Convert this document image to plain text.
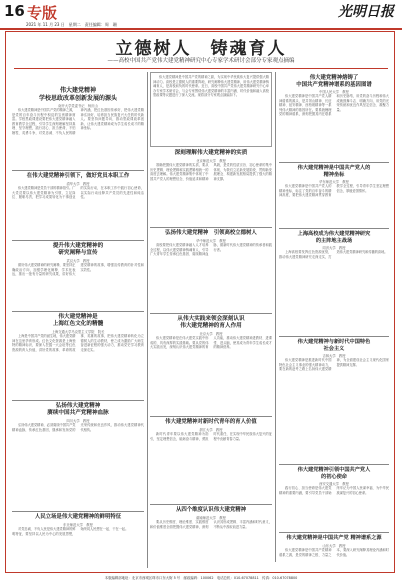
16 专版
2021 年 11 月 23 日　星期二　责任编辑：周　珊
光明日报
立德树人　铸魂育人
——高校中国共产党伟大建党精神研究中心专家学术研讨会部分专家观点摘编
伟大建党精神是中国共产党的精神之源，为实现中华民族伟大复兴提供强大精神动力。高校是立德树人的重要阵地，研究阐释伟大建党精神，用伟大建党精神铸魂育人，是高校肩负的时代使命。近日，高校中国共产党伟大建党精神研究中心举办专家学术研讨会，与会专家围绕伟大建党精神的丰富内涵、时代价值和融入高校思政课等议题进行了深入交流。现将部分专家观点摘编如下。
伟大建党精神
学校思政改革创新发展的源头
南开大学党委书记　杨庆山
伟大建党精神是中国共产党的精神之源，是党的百年奋斗历程中积淀的宝贵精神财富。学校思政课建设要把伟大建党精神融入教育教学全过程，引导学生深刻理解坚持真理、坚守理想，践行初心、担当使命，不怕牺牲、英勇斗争，对党忠诚、不负人民的精神内涵，把红色基因传承好，把伟大建党精神弘扬好，培养担当民族复兴大任的时代新人。要坚持问题导向，推动思政课改革创新，让伟大建党精神成为学生成长成才的精神坐标。
在伟大建党精神引领下，做好党员本职工作
清华大学　教授
伟大建党精神是党员干部的精神指引。广大党员要以伟大建党精神为引领，立足岗位、履职尽责，把学习成果转化为干事创业的实际行动，在本职工作中践行初心使命，以实际行动诠释共产党员的先进性和纯洁性。
提升伟大建党精神的
研究阐释与宣传
武汉大学　教授
做好伟大建党精神的研究阐释，要坚持正确政治方向，加强学理化阐释、学术化表达，推出一批有分量的研究成果，讲好伟大建党精神的故事，增强宣传教育的针对性和实效性。
伟大建党精神是
上海红色文化的精髓
上海交通大学马克思主义学院　院长
上海是中国共产党的诞生地，伟大建党精神在这里孕育形成。红色文化资源是上海独特的精神标识，要深入挖掘一大会址等红色资源的育人价值，讲好党的故事、革命的故事、英雄的故事，把伟大建党精神转化为立德树人的生动教材，使之成为激励广大师生奋进新征程的强大动力，推动党史学习教育走深走实。
弘扬伟大建党精神
赓续中国共产党精神血脉
四川大学　教授
弘扬伟大建党精神，必须赓续中国共产党精神血脉，传承红色基因，继承和发扬党的光荣传统和优良作风，推动伟大建党精神代代相传。
人民立场是伟大建党精神的鲜明特征
东北师范大学　教授
对党忠诚、不负人民是伟大建党精神的鲜明特征，要坚持以人民为中心的发展思想，始终同人民想在一起、干在一起。
深刻理解伟大建党精神的实质
北京师范大学　教授
准确把握伟大建党精神的实质，要从历史逻辑、理论逻辑和实践逻辑相统一的高度去理解。伟大建党精神集中体现了中国共产党人的理想信念、价值追求和精神风貌，是党的性质宗旨、初心使命的集中体现，为我们立足新发展阶段、贯彻新发展理念、构建新发展格局提供了强大的精神支撑。
弘扬伟大建党精神　引领高校立德树人
华中师范大学　教授
高校要把伟大建党精神融入人才培养全过程，以伟大建党精神铸魂育人，引导广大青年学生传承红色基因、赓续精神血脉，做新时代伟大建党精神的传承者和践行者。
从伟大实践来领会深刻认识
伟大建党精神的育人作用
北京大学　教授
伟大建党精神是在伟大建党实践中形成的，具有深厚的实践基础。要从党的伟大实践出发，深刻认识伟大建党精神的育人功能，推动伟大建党精神进教材、进课堂、进头脑，使其成为青年学生成长成才的精神营养。
伟大建党精神对新时代青年的育人价值
浙江大学　教授
新时代青年要以伟大建党精神为指引，坚定理想信念，砥砺奋斗精神，勇担时代重任，在实现中华民族伟大复兴的征程中贡献青春力量。
从四个维度认识伟大建党精神
湖南师范大学　教授
要从历史维度、理论维度、实践维度和价值维度全面把握伟大建党精神，深刻认识其形成逻辑、丰富内涵和时代意义，不断从中汲取前进力量。
伟大建党精神熔铸了
中国共产党精神谱系的基因图谱
中国人民大学　教授
伟大建党精神是中国共产党人精神谱系的源头，是井冈山精神、长征精神、延安精神、西柏坡精神等一系列伟大精神的基因所在。要系统梳理党的精神谱系，深刻把握其内在联系和历史脉络，用党的奋斗历程和伟大成就鼓舞斗志、明确方向，用党的光荣传统和优良作风坚定信念、凝聚力量。
伟大建党精神是中国共产党人的
精神坐标
华东师范大学　教授
伟大建党精神是中国共产党人的精神坐标，标注了党的百年奋斗的精神高度，要把伟大建党精神贯穿教育教学全过程，引导青年学生坚定理想信念，厚植爱国情怀。
上海高校成为伟大建党精神研究
的主阵地主战场
同济大学　教授
上海高校要发挥红色资源优势，推动伟大建党精神研究走深走实，打造伟大建党精神研究和传播的高地。
伟大建党精神与新时代中国特色
社会主义
吉林大学　教授
伟大建党精神是推进新时代中国特色社会主义事业的强大精神动力，要在新的赶考之路上弘扬伟大建党精神，为全面建设社会主义现代化国家提供精神支撑。
伟大建党精神引领中国共产党人
的初心使命
西安交通大学　教授
践行初心、担当使命是伟大建党精神的重要内涵，要引导党员干部始终牢记为中国人民谋幸福、为中华民族谋复兴的初心使命。
伟大建党精神是中国共产党 精神谱系之源
山东大学　教授
伟大建党精神是中国共产党精神谱系之源，是党的精神之根、力量之本，要深入研究阐释其理论内涵和时代价值。
本版编辑部地址：北京市西城区珠市口东大街 5 号　邮政编码：100062　电话总机：010-67078811　传真：010-67078800
